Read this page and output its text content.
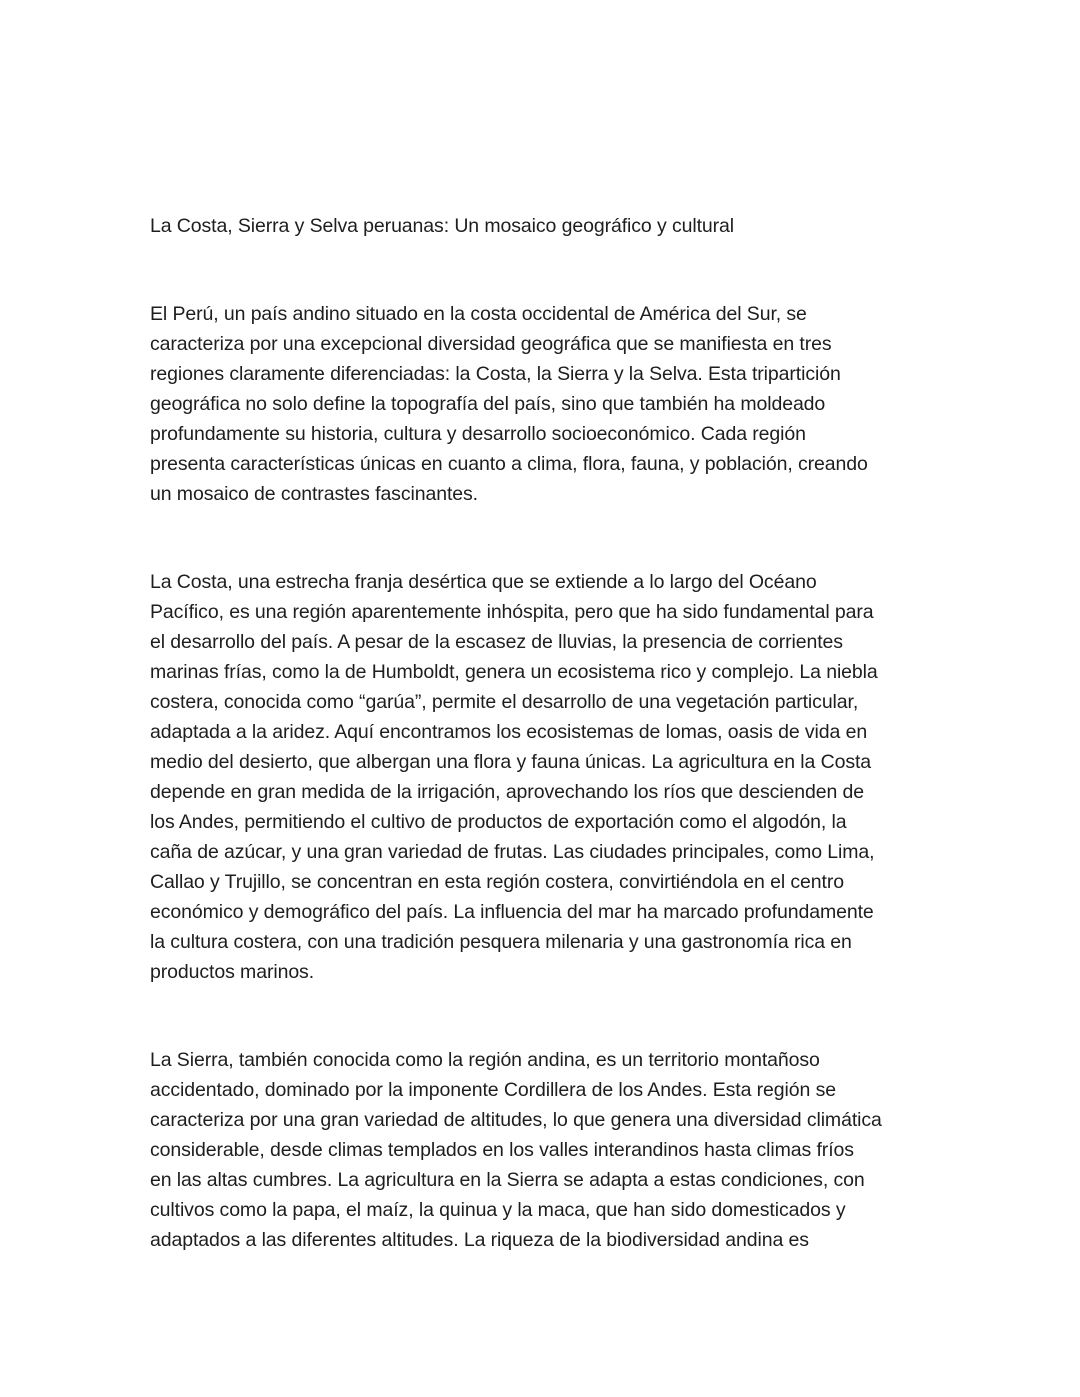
La Costa, Sierra y Selva peruanas: Un mosaico geográfico y cultural
El Perú, un país andino situado en la costa occidental de América del Sur, se
caracteriza por una excepcional diversidad geográfica que se manifiesta en tres
regiones claramente diferenciadas: la Costa, la Sierra y la Selva. Esta tripartición
geográfica no solo define la topografía del país, sino que también ha moldeado
profundamente su historia, cultura y desarrollo socioeconómico. Cada región
presenta características únicas en cuanto a clima, flora, fauna, y población, creando
un mosaico de contrastes fascinantes.
La Costa, una estrecha franja desértica que se extiende a lo largo del Océano
Pacífico, es una región aparentemente inhóspita, pero que ha sido fundamental para
el desarrollo del país. A pesar de la escasez de lluvias, la presencia de corrientes
marinas frías, como la de Humboldt, genera un ecosistema rico y complejo. La niebla
costera, conocida como “garúa”, permite el desarrollo de una vegetación particular,
adaptada a la aridez. Aquí encontramos los ecosistemas de lomas, oasis de vida en
medio del desierto, que albergan una flora y fauna únicas. La agricultura en la Costa
depende en gran medida de la irrigación, aprovechando los ríos que descienden de
los Andes, permitiendo el cultivo de productos de exportación como el algodón, la
caña de azúcar, y una gran variedad de frutas. Las ciudades principales, como Lima,
Callao y Trujillo, se concentran en esta región costera, convirtiéndola en el centro
económico y demográfico del país. La influencia del mar ha marcado profundamente
la cultura costera, con una tradición pesquera milenaria y una gastronomía rica en
productos marinos.
La Sierra, también conocida como la región andina, es un territorio montañoso
accidentado, dominado por la imponente Cordillera de los Andes. Esta región se
caracteriza por una gran variedad de altitudes, lo que genera una diversidad climática
considerable, desde climas templados en los valles interandinos hasta climas fríos
en las altas cumbres. La agricultura en la Sierra se adapta a estas condiciones, con
cultivos como la papa, el maíz, la quinua y la maca, que han sido domesticados y
adaptados a las diferentes altitudes. La riqueza de la biodiversidad andina es
